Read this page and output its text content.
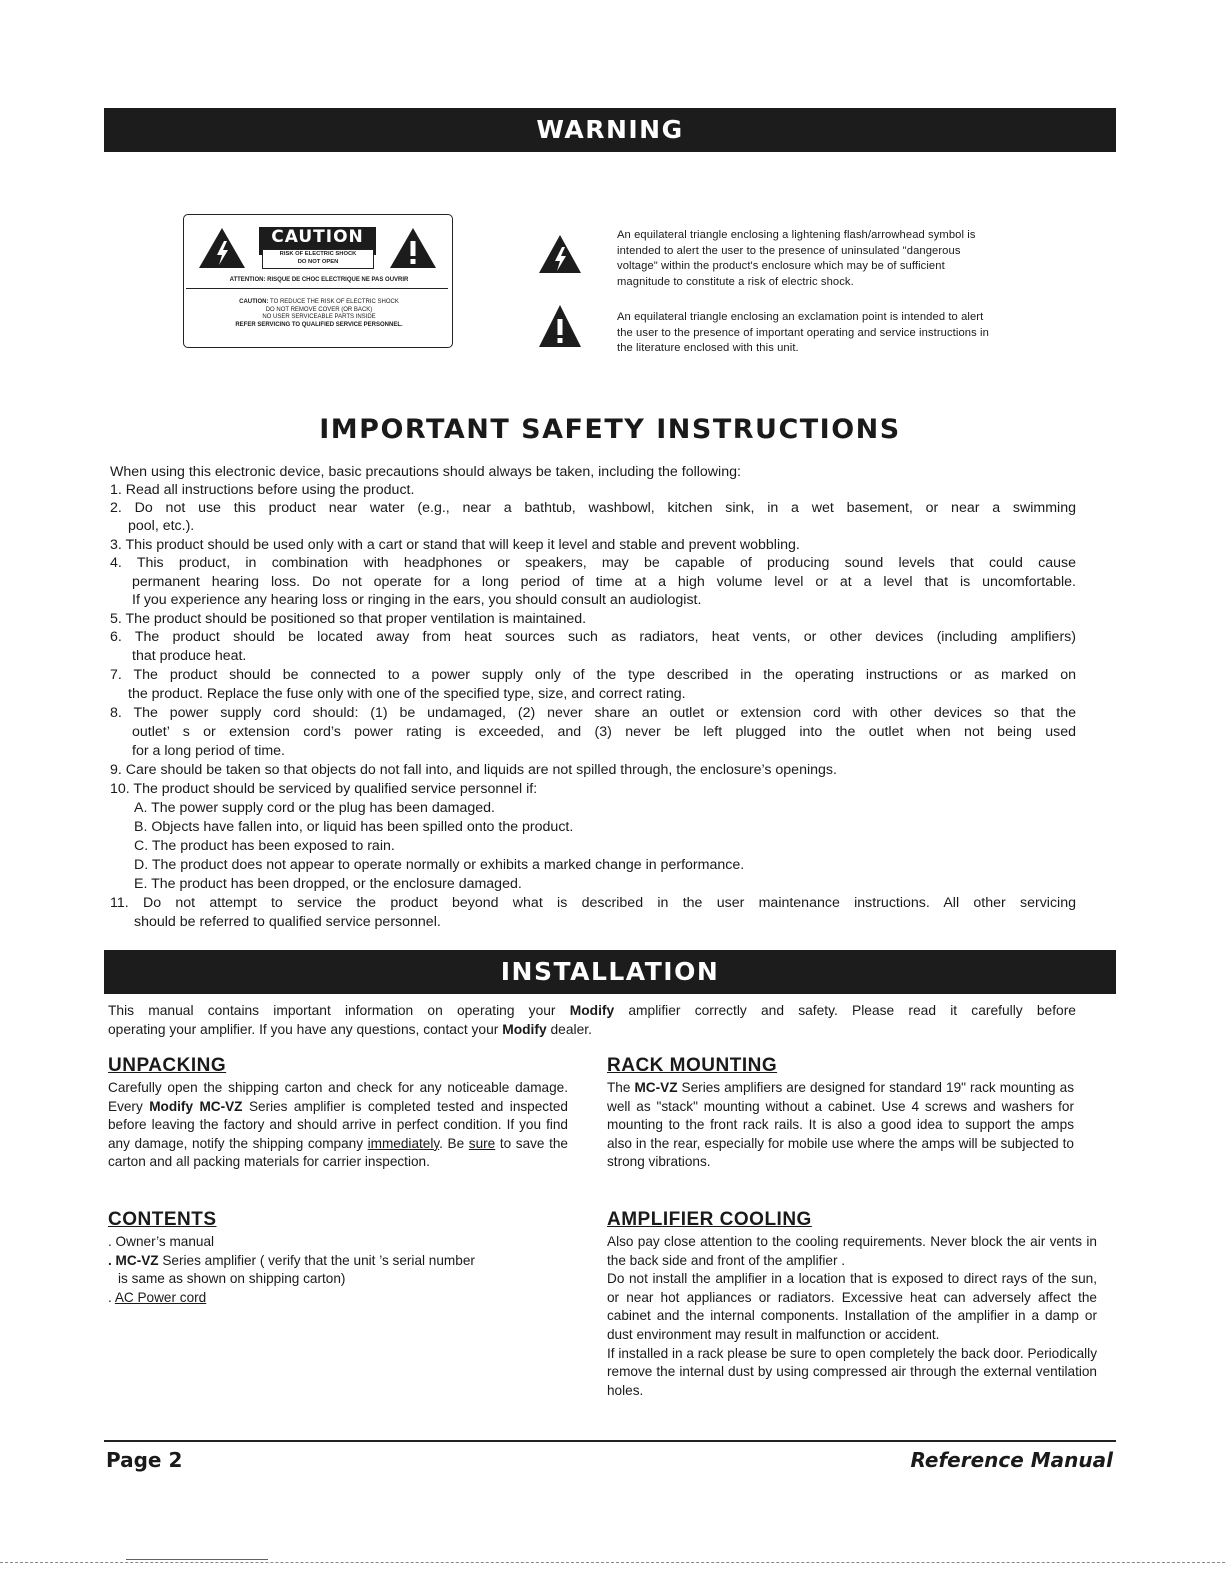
WARNING
CAUTION
RISK OF ELECTRIC SHOCK
DO NOT OPEN
ATTENTION: RISQUE DE CHOC ELECTRIQUE NE PAS OUVRIR
CAUTION: TO REDUCE THE RISK OF ELECTRIC SHOCK
DO NOT REMOVE COVER (OR BACK)
NO USER SERVICEABLE PARTS INSIDE
REFER SERVICING TO QUALIFIED SERVICE PERSONNEL.
An equilateral triangle enclosing a lightening flash/arrowhead symbol is
intended to alert the user to the presence of uninsulated "dangerous
voltage" within the product's enclosure which may be of sufficient
magnitude to constitute a risk of electric shock.
An equilateral triangle enclosing an exclamation point is intended to alert
the user to the presence of important operating and service instructions in
the literature enclosed with this unit.
IMPORTANT SAFETY INSTRUCTIONS
When using this electronic device, basic precautions should always be taken, including the following:
1. Read all instructions before using the product.
2. Do not use this product near water (e.g., near a bathtub, washbowl, kitchen sink, in a wet basement, or near a swimming
pool, etc.).
3. This product should be used only with a cart or stand that will keep it level and stable and prevent wobbling.
4. This product, in combination with headphones or speakers, may be capable of producing sound levels that could cause
permanent hearing loss. Do not operate for a long period of time at a high volume level or at a level that is uncomfortable.
If you experience any hearing loss or ringing in the ears, you should consult an audiologist.
5. The product should be positioned so that proper ventilation is maintained.
6. The product should be located away from heat sources such as radiators, heat vents, or other devices (including amplifiers)
that produce heat.
7. The product should be connected to a power supply only of the type described in the operating instructions or as marked on
the product. Replace the fuse only with one of the specified type, size, and correct rating.
8. The power supply cord should: (1) be undamaged, (2) never share an outlet or extension cord with other devices so that the
outlet’ s or extension cord’s power rating is exceeded, and (3) never be left plugged into the outlet when not being used
for a long period of time.
9. Care should be taken so that objects do not fall into, and liquids are not spilled through, the enclosure’s openings.
10. The product should be serviced by qualified service personnel if:
A. The power supply cord or the plug has been damaged.
B. Objects have fallen into, or liquid has been spilled onto the product.
C. The product has been exposed to rain.
D. The product does not appear to operate normally or exhibits a marked change in performance.
E. The product has been dropped, or the enclosure damaged.
11. Do not attempt to service the product beyond what is described in the user maintenance instructions. All other servicing
should be referred to qualified service personnel.
INSTALLATION
This manual contains important information on operating your Modify amplifier correctly and safety. Please read it carefully before
operating your amplifier. If you have any questions, contact your Modify dealer.
UNPACKING

Carefully open the shipping carton and check for any noticeable damage. Every Modify MC-VZ Series amplifier is completed tested and inspected before leaving the factory and should arrive in perfect condition. If you find any damage, notify the shipping company immediately. Be sure to save the carton and all packing materials for carrier inspection.

CONTENTS
. Owner’s manual
. MC-VZ Series amplifier ( verify that the unit ’s serial number
is same as shown on shipping carton)
. AC Power cord
RACK MOUNTING

The MC-VZ Series amplifiers are designed for standard 19" rack mounting as well as "stack" mounting without a cabinet. Use 4 screws and washers for mounting to the front rack rails. It is also a good idea to support the amps also in the rear, especially for mobile use where the amps will be subjected to strong vibrations.

AMPLIFIER COOLING

Also pay close attention to the cooling requirements. Never block the air vents in the back side and front of the amplifier .

Do not install the amplifier in a location that is exposed to direct rays of the sun, or near hot appliances or radiators. Excessive heat can adversely affect the cabinet and the internal components. Installation of the amplifier in a damp or dust environment may result in malfunction or accident.

If installed in a rack please be sure to open completely the back door. Periodically remove the internal dust by using compressed air through the external ventilation holes.

Page 2	Reference Manual
